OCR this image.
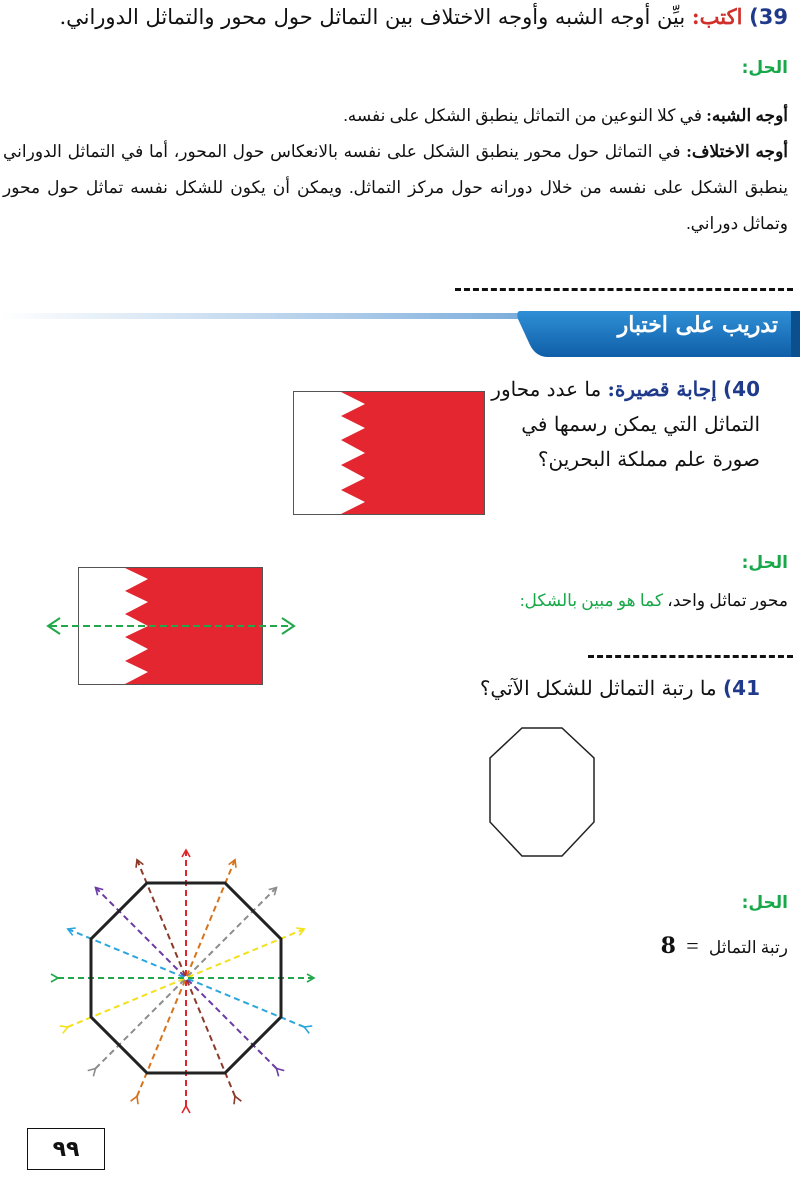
39) اكتب: بيِّن أوجه الشبه وأوجه الاختلاف بين التماثل حول محور والتماثل الدوراني.
الحل:
أوجه الشبه: في كلا النوعين من التماثل ينطبق الشكل على نفسه.
أوجه الاختلاف: في التماثل حول محور ينطبق الشكل على نفسه بالانعكاس حول المحور، أما في التماثل الدوراني ينطبق الشكل على نفسه من خلال دورانه حول مركز التماثل. ويمكن أن يكون للشكل نفسه تماثل حول محور وتماثل دوراني.
تدريب على اختبار
40) إجابة قصيرة: ما عدد محاور
التماثل التي يمكن رسمها في
صورة علم مملكة البحرين؟
الحل:
محور تماثل واحد، كما هو مبين بالشكل:
41) ما رتبة التماثل للشكل الآتي؟
الحل:
رتبة التماثل = 8
٩٩
